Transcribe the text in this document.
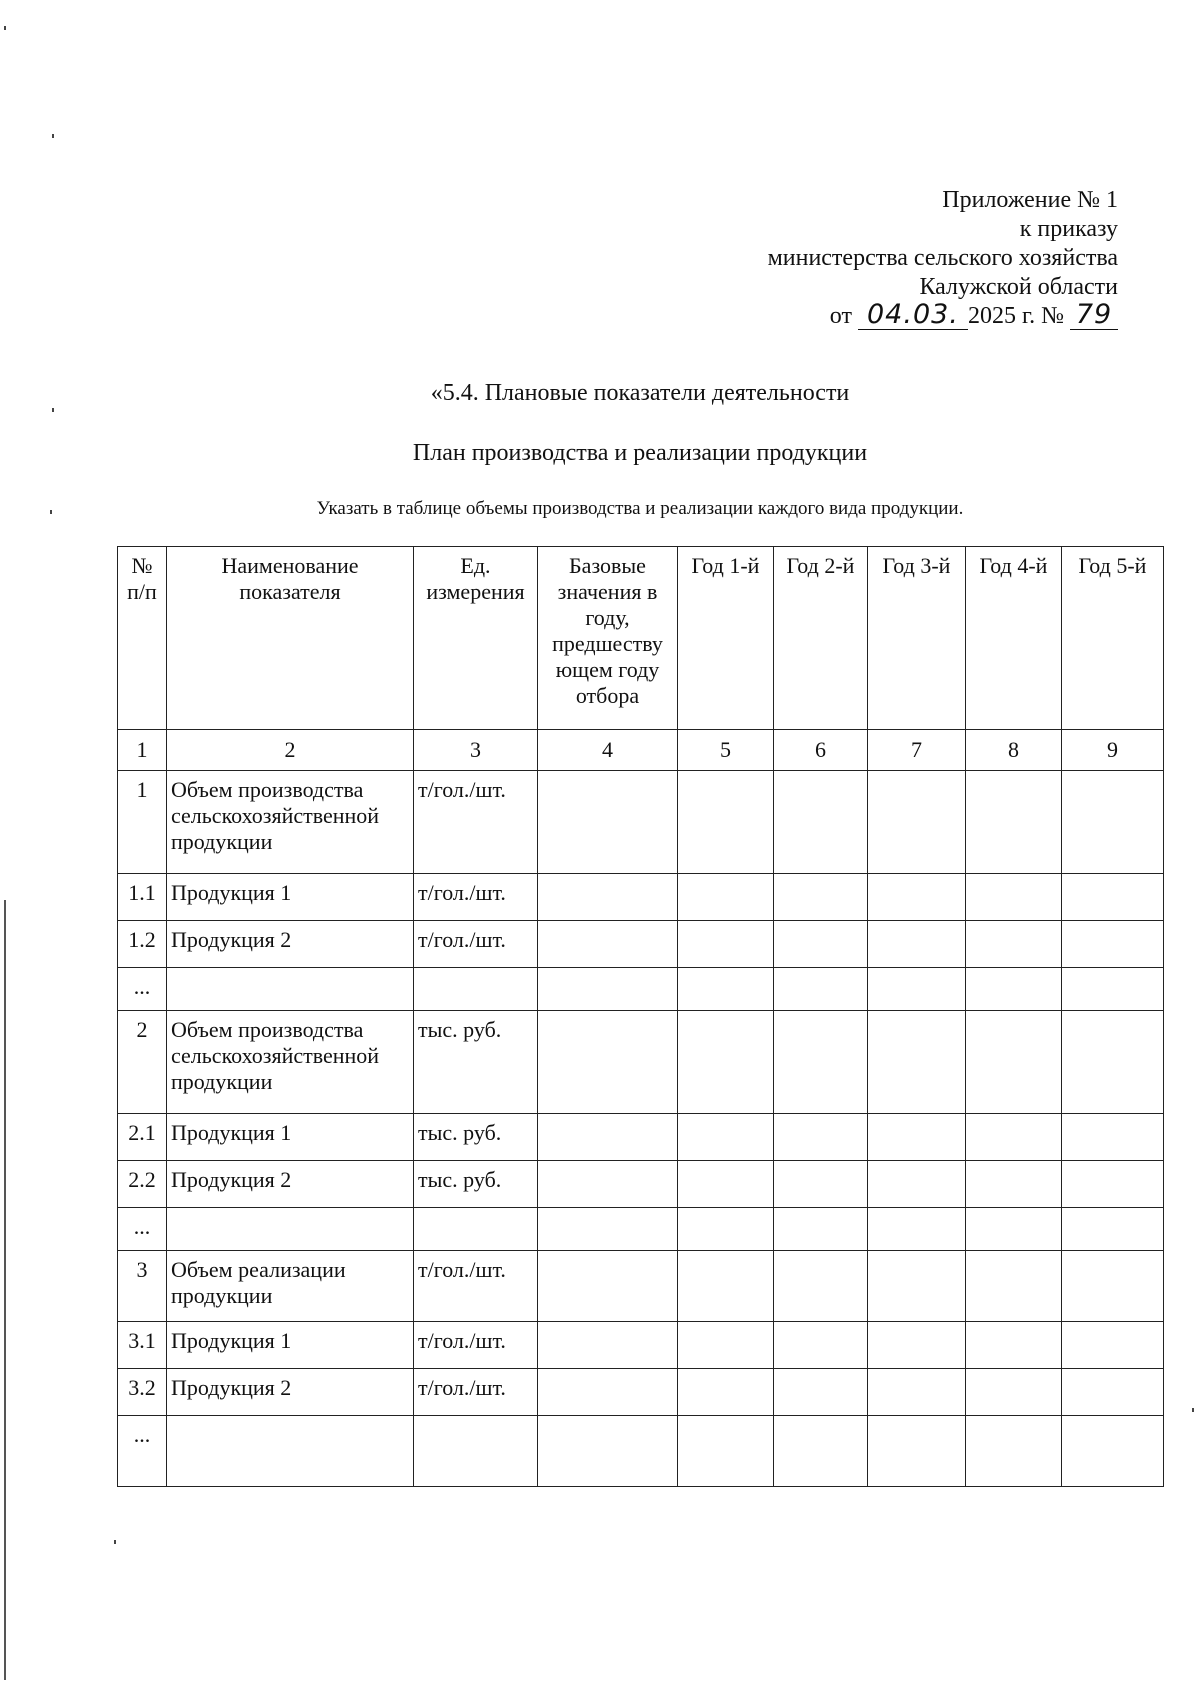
Приложение № 1
к приказу
министерства сельского хозяйства
Калужской области
от 04.03. 2025 г. № 79
«5.4. Плановые показатели деятельности
План производства и реализации продукции
Указать в таблице объемы производства и реализации каждого вида продукции.
№ п/п	Наименование показателя	Ед. измерения	Базовые значения в году, предшеству ющем году отбора	Год 1-й	Год 2-й	Год 3-й	Год 4-й	Год 5-й
1	2	3	4	5	6	7	8	9
1	Объем производства сельскохозяйственной продукции	т/гол./шт.						
1.1	Продукция 1	т/гол./шт.						
1.2	Продукция 2	т/гол./шт.						
...								
2	Объем производства сельскохозяйственной продукции	тыс. руб.						
2.1	Продукция 1	тыс. руб.						
2.2	Продукция 2	тыс. руб.						
...								
3	Объем реализации продукции	т/гол./шт.						
3.1	Продукция 1	т/гол./шт.						
3.2	Продукция 2	т/гол./шт.						
...								
